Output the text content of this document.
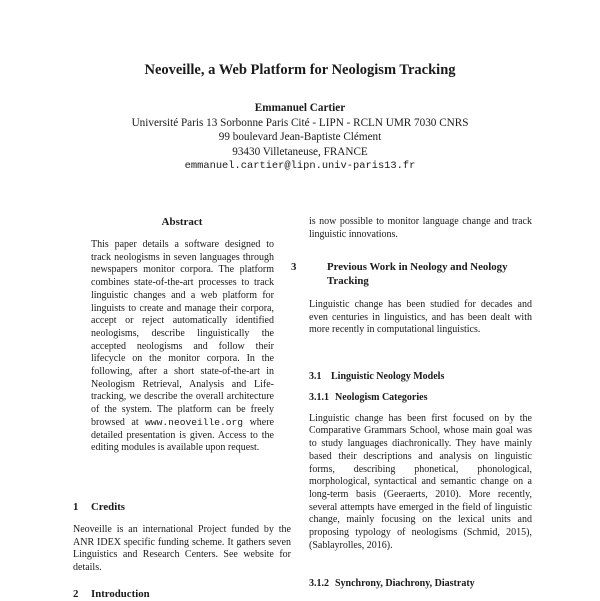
Neoveille, a Web Platform for Neologism Tracking
Emmanuel Cartier
Université Paris 13 Sorbonne Paris Cité - LIPN - RCLN UMR 7030 CNRS
99 boulevard Jean-Baptiste Clément
93430 Villetaneuse, FRANCE
emmanuel.cartier@lipn.univ-paris13.fr
Abstract
This paper details a software designed to track neologisms in seven languages through newspapers monitor corpora. The platform combines state-of-the-art processes to track linguistic changes and a web platform for linguists to create and manage their corpora, accept or reject automatically identified neologisms, describe linguistically the accepted neologisms and follow their lifecycle on the monitor corpora. In the following, after a short state-of-the-art in Neologism Retrieval, Analysis and Life-tracking, we describe the overall architecture of the system. The platform can be freely browsed at www.neoveille.org where detailed presentation is given. Access to the editing modules is available upon request.
1 Credits
Neoveille is an international Project funded by the ANR IDEX specific funding scheme. It gathers seven Linguistics and Research Centers. See website for details.
2 Introduction
is now possible to monitor language change and track linguistic innovations.
3	Previous Work in Neology and Neology Tracking
Linguistic change has been studied for decades and even centuries in linguistics, and has been dealt with more recently in computational linguistics.
3.1 Linguistic Neology Models
3.1.1 Neologism Categories
Linguistic change has been first focused on by the Comparative Grammars School, whose main goal was to study languages diachronically. They have mainly based their descriptions and analysis on linguistic forms, describing phonetical, phonological, morphological, syntactical and semantic change on a long-term basis (Geeraerts, 2010). More recently, several attempts have emerged in the field of linguistic change, mainly focusing on the lexical units and proposing typology of neologisms (Schmid, 2015),(Sablayrolles, 2016).
3.1.2 Synchrony, Diachrony, Diastraty
